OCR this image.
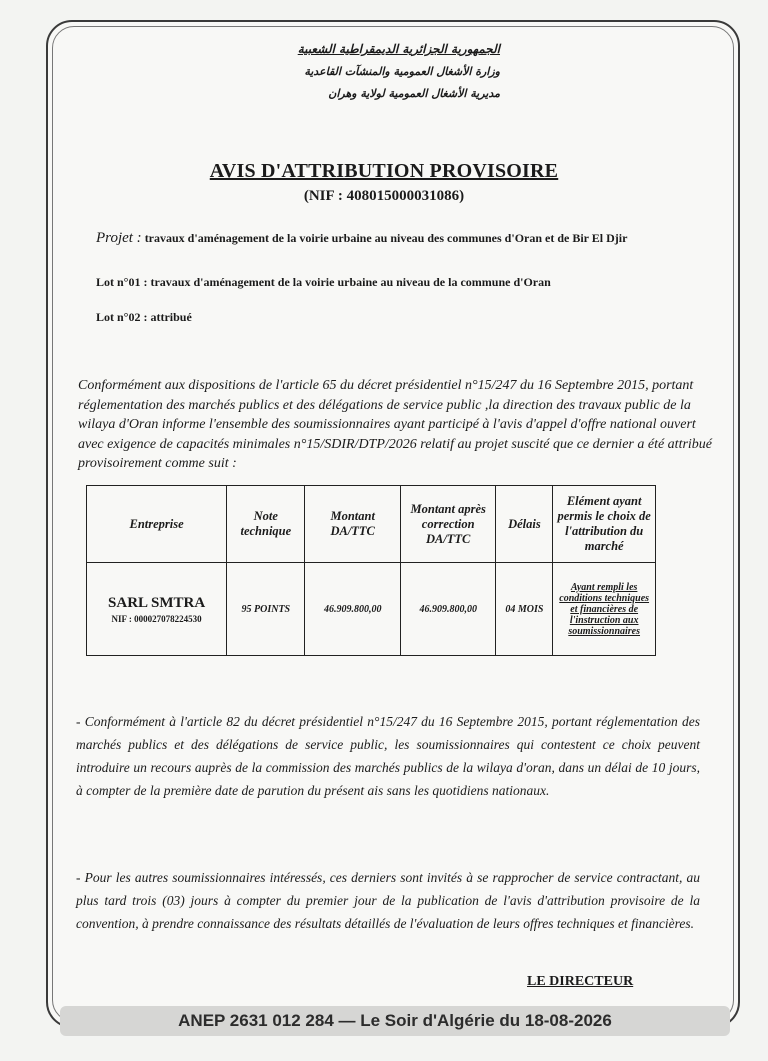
الجمهورية الجزائرية الديمقراطية الشعبية
وزارة الأشغال العمومية والمنشآت القاعدية
مديرية الأشغال العمومية لولاية وهران
AVIS D'ATTRIBUTION PROVISOIRE
(NIF : 408015000031086)
Projet : travaux d'aménagement de la voirie urbaine au niveau des communes d'Oran et de Bir El Djir
Lot n°01 : travaux d'aménagement de la voirie urbaine au niveau de la commune d'Oran
Lot n°02 : attribué
Conformément aux dispositions de l'article 65 du décret présidentiel n°15/247 du 16 Septembre 2015, portant réglementation des marchés publics et des délégations de service public ,la direction des travaux public de la wilaya d'Oran informe l'ensemble des soumissionnaires ayant participé à l'avis d'appel d'offre national ouvert avec exigence de capacités minimales n°15/SDIR/DTP/2026 relatif au projet suscité que ce dernier a été attribué provisoirement comme suit :
Entreprise	Note technique	Montant DA/TTC	Montant après correction DA/TTC	Délais	Elément ayant permis le choix de l'attribution du marché

SARL SMTRA
NIF : 000027078224530	95 POINTS	46.909.800,00	46.909.800,00	04 MOIS	Ayant rempli les conditions techniques et financières de l'instruction aux soumissionnaires
- Conformément à l'article 82 du décret présidentiel n°15/247 du 16 Septembre 2015, portant réglementation des marchés publics et des délégations de service public, les soumissionnaires qui contestent ce choix peuvent introduire un recours auprès de la commission des marchés publics de la wilaya d'oran, dans un délai de 10 jours, à compter de la première date de parution du présent ais sans les quotidiens nationaux.
- Pour les autres soumissionnaires intéressés, ces derniers sont invités à se rapprocher de service contractant, au plus tard trois (03) jours à compter du premier jour de la publication de l'avis d'attribution provisoire de la convention, à prendre connaissance des résultats détaillés de l'évaluation de leurs offres techniques et financières.
LE DIRECTEUR
ANEP 2631 012 284 — Le Soir d'Algérie du 18-08-2026
